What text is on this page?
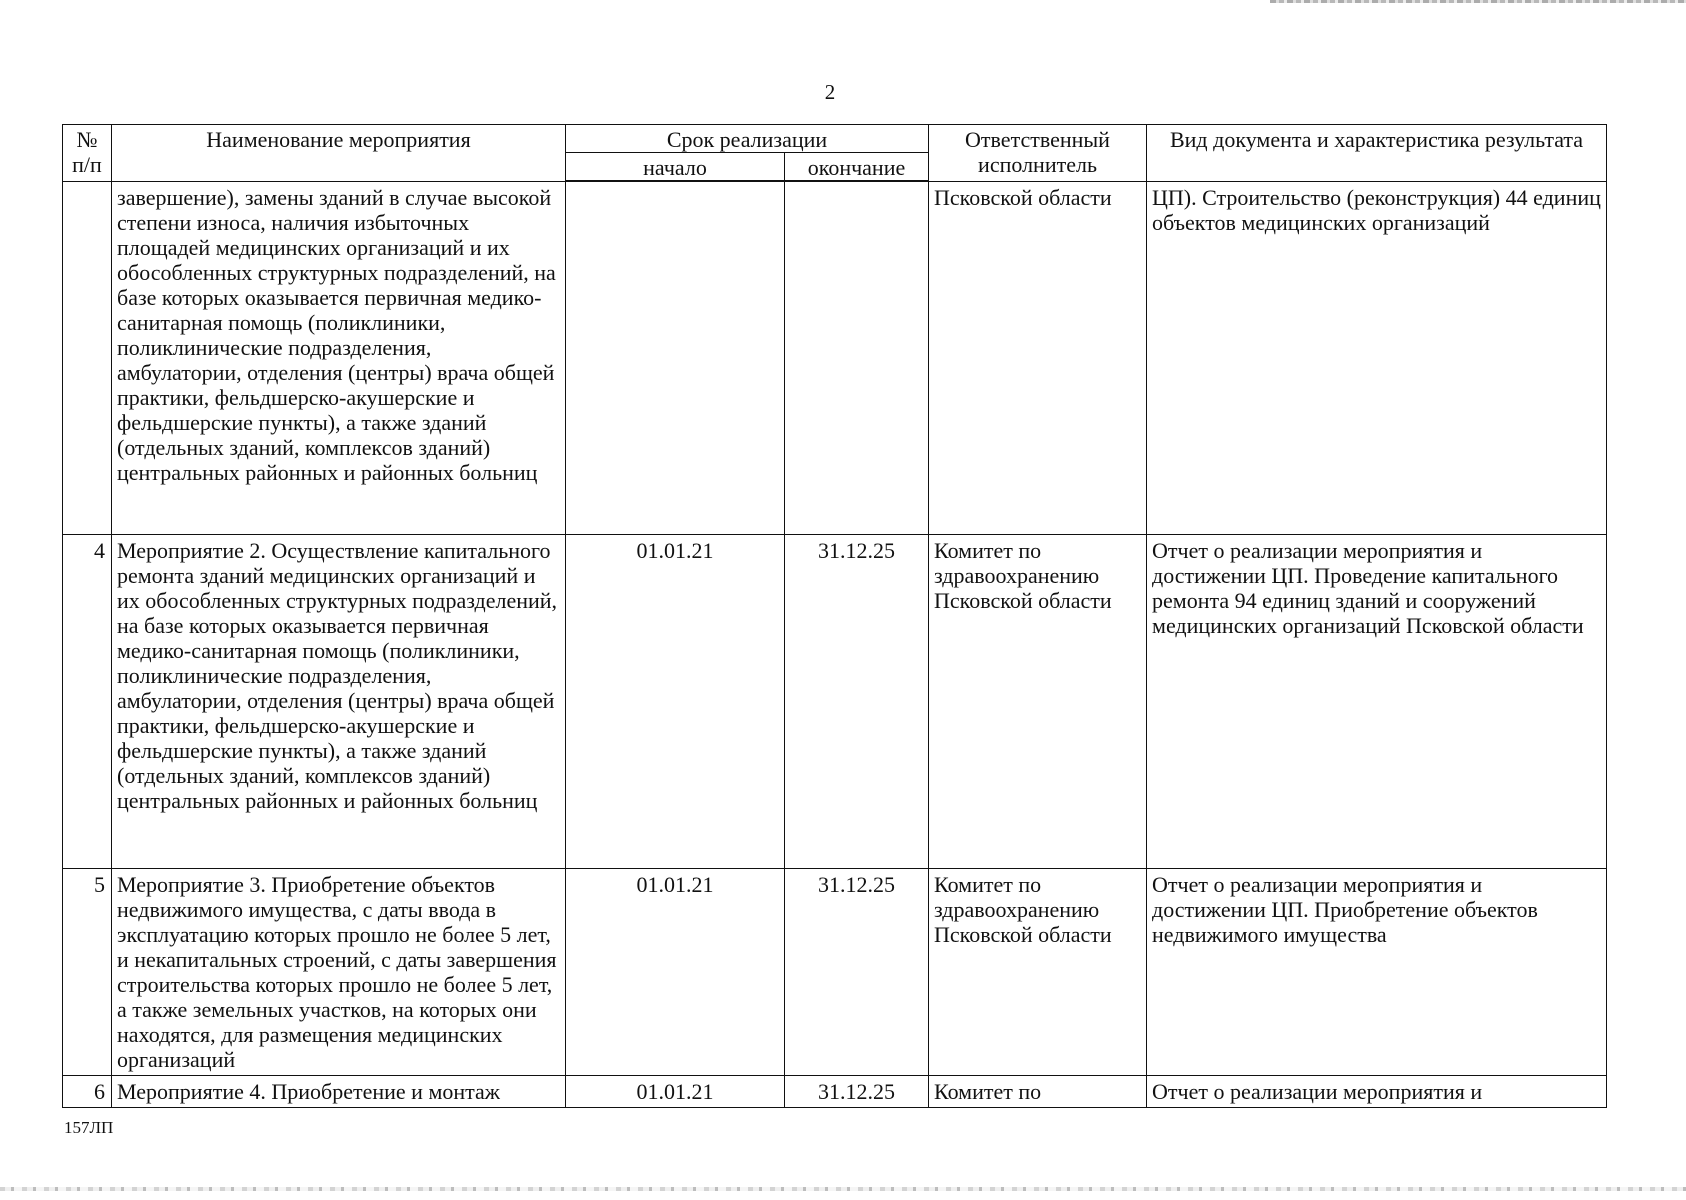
2
№ п/п	Наименование мероприятия	Срок реализации		Ответственный исполнитель	Вид документа и характеристика результата
		начало	окончание		
	завершение), замены зданий в случае высокой степени износа, наличия избыточных площадей медицинских организаций и их обособленных структурных подразделений, на базе которых оказывается первичная медико-санитарная помощь (поликлиники, поликлинические подразделения, амбулатории, отделения (центры) врача общей практики, фельдшерско-акушерские и фельдшерские пункты), а также зданий (отдельных зданий, комплексов зданий) центральных районных и районных больниц			Псковской области	ЦП). Строительство (реконструкция) 44 единиц объектов медицинских организаций
4	Мероприятие 2. Осуществление капитального ремонта зданий медицинских организаций и их обособленных структурных подразделений, на базе которых оказывается первичная медико-санитарная помощь (поликлиники, поликлинические подразделения, амбулатории, отделения (центры) врача общей практики, фельдшерско-акушерские и фельдшерские пункты), а также зданий (отдельных зданий, комплексов зданий) центральных районных и районных больниц	01.01.21	31.12.25	Комитет по здравоохранению Псковской области	Отчет о реализации мероприятия и достижении ЦП. Проведение капитального ремонта 94 единиц зданий и сооружений медицинских организаций Псковской области
5	Мероприятие 3. Приобретение объектов недвижимого имущества, с даты ввода в эксплуатацию которых прошло не более 5 лет, и некапитальных строений, с даты завершения строительства которых прошло не более 5 лет, а также земельных участков, на которых они находятся, для размещения медицинских организаций	01.01.21	31.12.25	Комитет по здравоохранению Псковской области	Отчет о реализации мероприятия и достижении ЦП. Приобретение объектов недвижимого имущества
6	Мероприятие 4. Приобретение и монтаж	01.01.21	31.12.25	Комитет по	Отчет о реализации мероприятия и
157ЛП
